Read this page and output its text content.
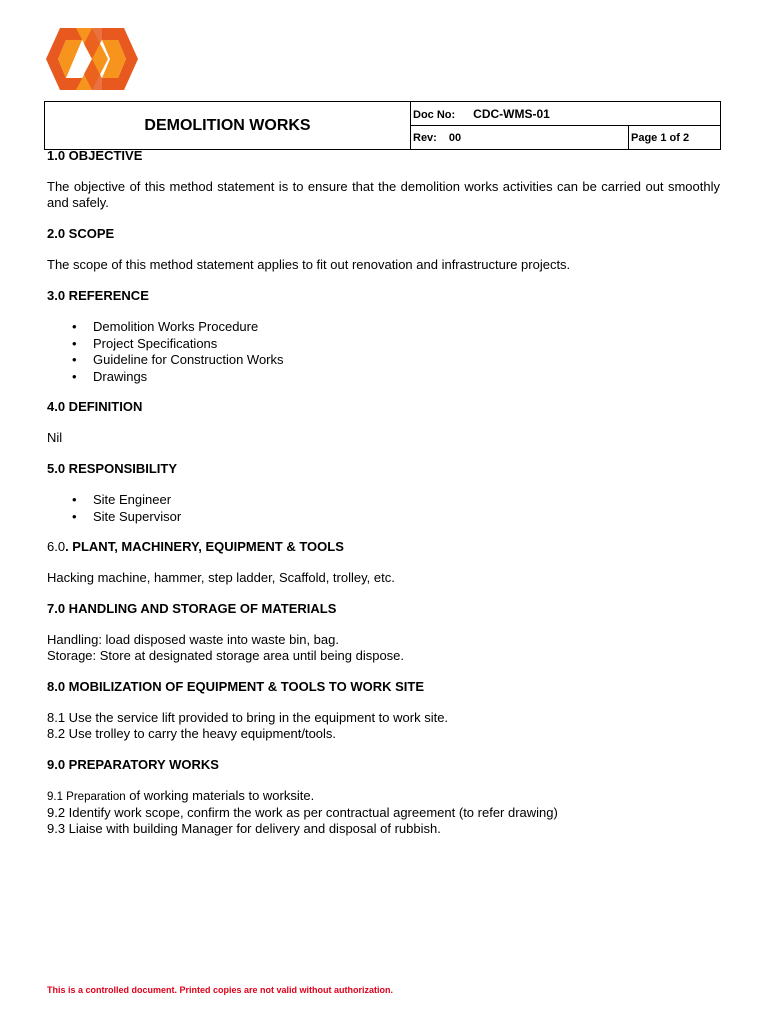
DEMOLITION WORKS	Doc No: CDC-WMS-01	
	Rev: 00	Page 1 of 2

1.0 OBJECTIVE

The objective of this method statement is to ensure that the demolition works activities can be carried out smoothly and safely.

2.0 SCOPE

The scope of this method statement applies to fit out renovation and infrastructure projects.

3.0 REFERENCE

• Demolition Works Procedure
• Project Specifications
• Guideline for Construction Works
• Drawings

4.0 DEFINITION

Nil

5.0 RESPONSIBILITY

• Site Engineer
• Site Supervisor

6.0. PLANT, MACHINERY, EQUIPMENT & TOOLS

Hacking machine, hammer, step ladder, Scaffold, trolley, etc.

7.0 HANDLING AND STORAGE OF MATERIALS

Handling: load disposed waste into waste bin, bag.

Storage: Store at designated storage area until being dispose.

8.0 MOBILIZATION OF EQUIPMENT & TOOLS TO WORK SITE

8.1 Use the service lift provided to bring in the equipment to work site.

8.2 Use trolley to carry the heavy equipment/tools.

9.0 PREPARATORY WORKS

9.1 Preparation of working materials to worksite.

9.2 Identify work scope, confirm the work as per contractual agreement (to refer drawing)

9.3 Liaise with building Manager for delivery and disposal of rubbish.

This is a controlled document. Printed copies are not valid without authorization.
